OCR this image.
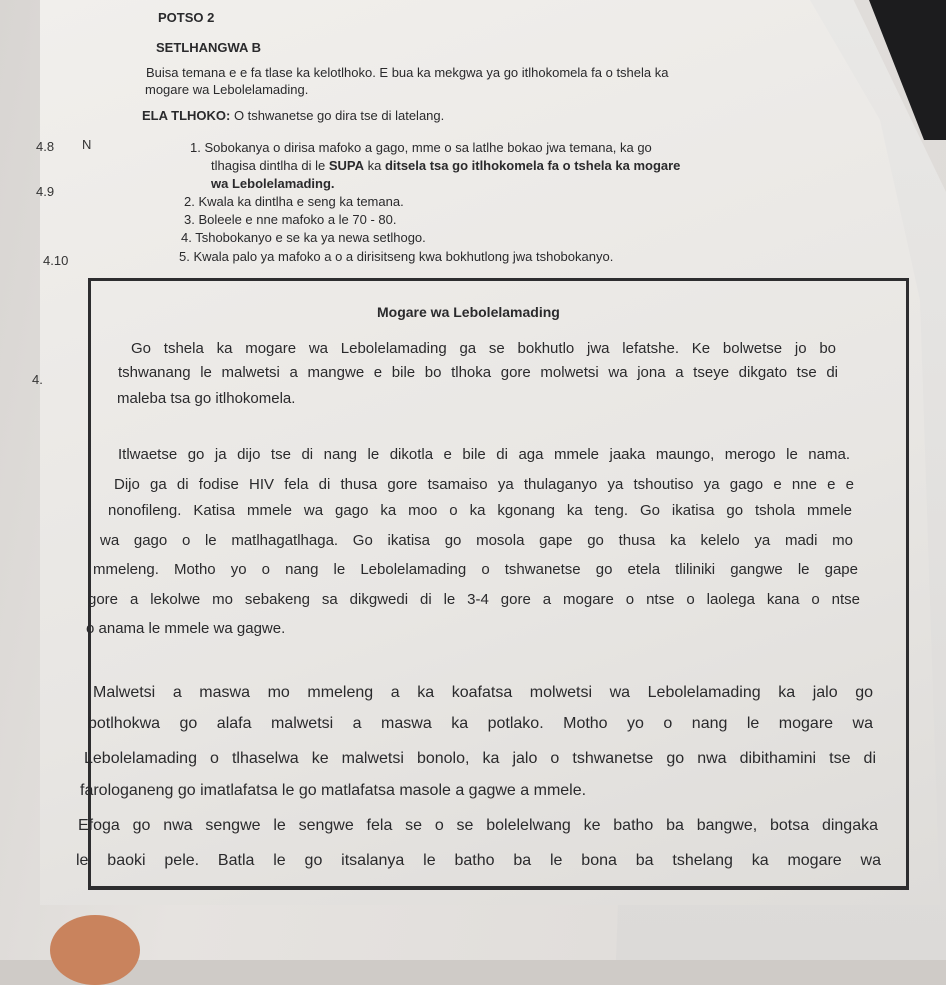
POTSO 2
SETLHANGWA B
Buisa temana e e fa tlase ka kelotlhoko. E bua ka mekgwa ya go itlhokomela fa o tshela ka
mogare wa Lebolelamading.
ELA TLHOKO: O tshwanetse go dira tse di latelang.
4.8 N
4.9
4.10
4.
1. Sobokanya o dirisa mafoko a gago, mme o sa latlhe bokao jwa temana, ka go
tlhagisa dintlha di le SUPA ka ditsela tsa go itlhokomela fa o tshela ka mogare
wa Lebolelamading.
2. Kwala ka dintlha e seng ka temana.
3. Boleele e nne mafoko a le 70 - 80.
4. Tshobokanyo e se ka ya newa setlhogo.
5. Kwala palo ya mafoko a o a dirisitseng kwa bokhutlong jwa tshobokanyo.
Mogare wa Lebolelamading
Go tshela ka mogare wa Lebolelamading ga se bokhutlo jwa lefatshe. Ke bolwetse jo bo
tshwanang le malwetsi a mangwe e bile bo tlhoka gore molwetsi wa jona a tseye dikgato tse di
maleba tsa go itlhokomela.
Itlwaetse go ja dijo tse di nang le dikotla e bile di aga mmele jaaka maungo, merogo le nama.
Dijo ga di fodise HIV fela di thusa gore tsamaiso ya thulaganyo ya tshoutiso ya gago e nne e e
nonofileng. Katisa mmele wa gago ka moo o ka kgonang ka teng. Go ikatisa go tshola mmele
wa gago o le matlhagatlhaga. Go ikatisa go mosola gape go thusa ka kelelo ya madi mo
mmeleng. Motho yo o nang le Lebolelamading o tshwanetse go etela tliliniki gangwe le gape
gore a lekolwe mo sebakeng sa dikgwedi di le 3-4 gore a mogare o ntse o laolega kana o ntse
o anama le mmele wa gagwe.
Malwetsi a maswa mo mmeleng a ka koafatsa molwetsi wa Lebolelamading ka jalo go
botlhokwa go alafa malwetsi a maswa ka potlako. Motho yo o nang le mogare wa
Lebolelamading o tlhaselwa ke malwetsi bonolo, ka jalo o tshwanetse go nwa dibithamini tse di
farologaneng go imatlafatsa le go matlafatsa masole a gagwe a mmele.
Efoga go nwa sengwe le sengwe fela se o se bolelelwang ke batho ba bangwe, botsa dingaka
le baoki pele. Batla le go itsalanya le batho ba le bona ba tshelang ka mogare wa
